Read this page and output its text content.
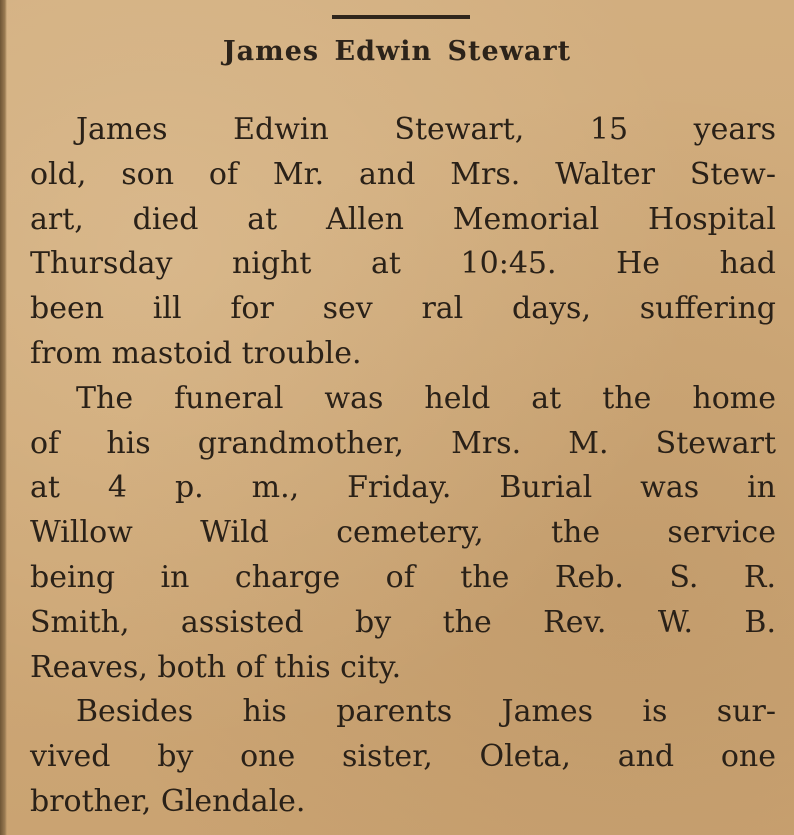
James Edwin Stewart
James Edwin Stewart, 15 years
old, son of Mr. and Mrs. Walter Stew-
art, died at Allen Memorial Hospital
Thursday night at 10:45. He had
been ill for sev ral days, suffering
from mastoid trouble.
The funeral was held at the home
of his grandmother, Mrs. M. Stewart
at 4 p. m., Friday. Burial was in
Willow Wild cemetery, the service
being in charge of the Reb. S. R.
Smith, assisted by the Rev. W. B.
Reaves, both of this city.
Besides his parents James is sur-
vived by one sister, Oleta, and one
brother, Glendale.
